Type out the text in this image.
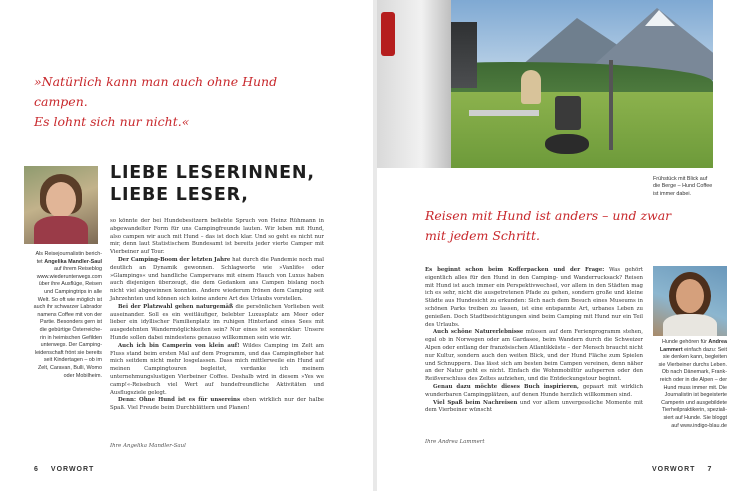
»Natürlich kann man auch ohne Hund campen.
Es lohnt sich nur nicht.«
LIEBE LESERINNEN,
LIEBE LESER,
Als Reisejournalistin berich-
tet Angelika Mandler-Saul
auf ihrem Reiseblog
www.wiederunterwegs.com
über ihre Ausflüge, Reisen
und Campingtrips in alle
Welt. So oft wie möglich ist
auch ihr schwarzer Labrador
namens Coffee mit von der
Partie. Besonders gern ist
die gebürtige Österreiche-
rin in heimischen Gefilden
unterwegs. Der Camping-
leidenschaft frönt sie bereits
seit Kindertagen – ob im
Zelt, Caravan, Bulli, Womo
oder Mobilheim.

so könnte der bei Hundebesitzern beliebte Spruch von Heinz Rühmann in abgewandelter Form für uns Campingfreunde lauten. Wir leben mit Hund, also campen wir auch mit Hund – das ist doch klar. Und so geht es nicht nur mir, denn laut Statistischem Bundesamt ist bereits jeder vierte Camper mit Vierbeiner auf Tour.

Der Camping-Boom der letzten Jahre hat durch die Pandemie noch mal deutlich an Dynamik gewonnen. Schlagworte wie »Vanlife« oder »Glampings« und handliche Campervans mit einem Hauch von Luxus haben auch diejenigen überzeugt, die dem Gedanken ans Campen bislang noch nicht viel abgewinnen konnten. Andere wiederum frönen dem Camping seit Jahrzehnten und können sich keine andere Art des Urlaubs vorstellen.

Bei der Platzwahl gehen naturgemäß die persönlichen Vorlieben weit auseinander. Soll es ein weitläufiger, belebter Luxusplatz am Meer oder lieber ein idyllischer Familienplatz im ruhigen Hinterland eines Sees mit ausgedehnten Wandermöglichkeiten sein? Nur eines ist sonnenklar: Unsere Hunde sollen dabei mindestens genauso willkommen sein wie wir.

Auch ich bin Camperin von klein auf! Wildes Camping im Zelt am Fluss stand beim ersten Mal auf dem Programm, und das Campingfieber hat mich seitdem nicht mehr losgelassen. Dass mich mittlerweile ein Hund auf meinen Campingtouren begleitet, verdanke ich meinem unternehmungslustigen Vierbeiner Coffee. Deshalb wird in diesem »Yes we camp!«-Reisebuch viel Wert auf hundefreundliche Aktivitäten und Ausflugsziele gelegt.

Denn: Ohne Hund ist es für unsereins eben wirklich nur der halbe Spaß. Viel Freude beim Durchblättern und Planen!

Ihre Angelika Mandler-Saul
6 VORWORT
Frühstück mit Blick auf
die Berge – Hund Coffee
ist immer dabei.
Reisen mit Hund ist anders – und zwar
mit jedem Schritt.

Es beginnt schon beim Kofferpacken und der Frage: Was gehört eigentlich alles für den Hund in den Camping- und Wanderrucksack? Reisen mit Hund ist auch immer ein Perspektivwechsel, vor allem in den Städten mag ich es sehr, nicht die ausgetretenen Pfade zu gehen, sondern große und kleine Städte aus Hundesicht zu erkunden: Sich nach dem Besuch eines Museums in schönen Parks treiben zu lassen, ist eine entspannte Art, urbanes Leben zu genießen. Doch Stadtbesichtigungen sind beim Camping mit Hund nur ein Teil des Urlaubs.

Auch schöne Naturerlebnisse müssen auf dem Ferienprogramm stehen, egal ob in Norwegen oder am Gardasee, beim Wandern durch die Schweizer Alpen oder entlang der französischen Atlantikküste – der Mensch braucht nicht nur Kultur, sondern auch den weiten Blick, und der Hund Fläche zum Spielen und Schnuppern. Das lässt sich am besten beim Campen vereinen, denn näher an der Natur geht es nicht. Einfach die Wohnmobiltür aufsperren oder den Reißverschluss des Zeltes aufziehen, und die Entdeckungstour beginnt.

Genau dazu möchte dieses Buch inspirieren, gepaart mit wirklich wunderbaren Campingplätzen, auf denen Hunde herzlich willkommen sind.

Viel Spaß beim Nachreisen und vor allem unvergessliche Momente mit dem Vierbeiner wünscht

Ihre Andrea Lammert
Hunde gehören für Andrea
Lammert einfach dazu: Seit
sie denken kann, begleiten
sie Vierbeiner durchs Leben.
Ob nach Dänemark, Frank-
reich oder in die Alpen – der
Hund muss immer mit. Die
Journalistin ist begeisterte
Camperin und ausgebildete
Tierheilpraktikerin, speziali-
siert auf Hunde. Sie bloggt
auf www.indigo-blau.de
VORWORT 7
